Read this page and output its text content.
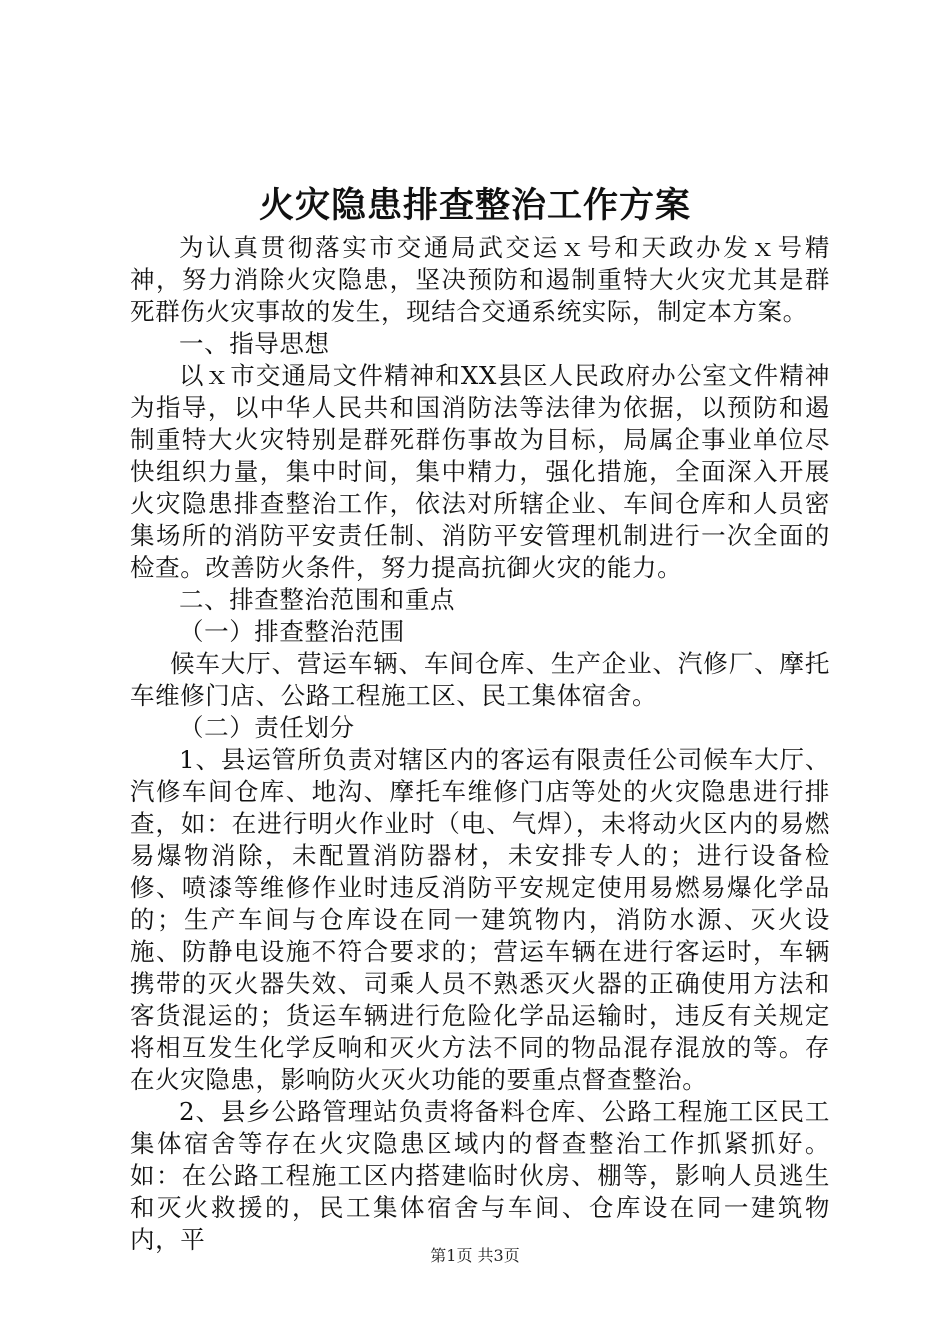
火灾隐患排查整治工作方案

为认真贯彻落实市交通局武交运ｘ号和天政办发ｘ号精神，努力消除火灾隐患，坚决预防和遏制重特大火灾尤其是群死群伤火灾事故的发生，现结合交通系统实际，制定本方案。

一、指导思想

以ｘ市交通局文件精神和XX县区人民政府办公室文件精神为指导，以中华人民共和国消防法等法律为依据，以预防和遏制重特大火灾特别是群死群伤事故为目标，局属企事业单位尽快组织力量，集中时间，集中精力，强化措施，全面深入开展火灾隐患排查整治工作，依法对所辖企业、车间仓库和人员密集场所的消防平安责任制、消防平安管理机制进行一次全面的检查。改善防火条件，努力提高抗御火灾的能力。

二、排查整治范围和重点

（一）排查整治范围

候车大厅、营运车辆、车间仓库、生产企业、汽修厂、摩托车维修门店、公路工程施工区、民工集体宿舍。

（二）责任划分

1、县运管所负责对辖区内的客运有限责任公司候车大厅、汽修车间仓库、地沟、摩托车维修门店等处的火灾隐患进行排查，如：在进行明火作业时（电、气焊），未将动火区内的易燃易爆物消除，未配置消防器材，未安排专人的；进行设备检修、喷漆等维修作业时违反消防平安规定使用易燃易爆化学品的；生产车间与仓库设在同一建筑物内，消防水源、灭火设施、防静电设施不符合要求的；营运车辆在进行客运时，车辆携带的灭火器失效、司乘人员不熟悉灭火器的正确使用方法和客货混运的；货运车辆进行危险化学品运输时，违反有关规定将相互发生化学反响和灭火方法不同的物品混存混放的等。存在火灾隐患，影响防火灭火功能的要重点督查整治。

2、县乡公路管理站负责将备料仓库、公路工程施工区民工集体宿舍等存在火灾隐患区域内的督查整治工作抓紧抓好。如：在公路工程施工区内搭建临时伙房、棚等，影响人员逃生和灭火救援的，民工集体宿舍与车间、仓库设在同一建筑物内，平

第1页 共3页
